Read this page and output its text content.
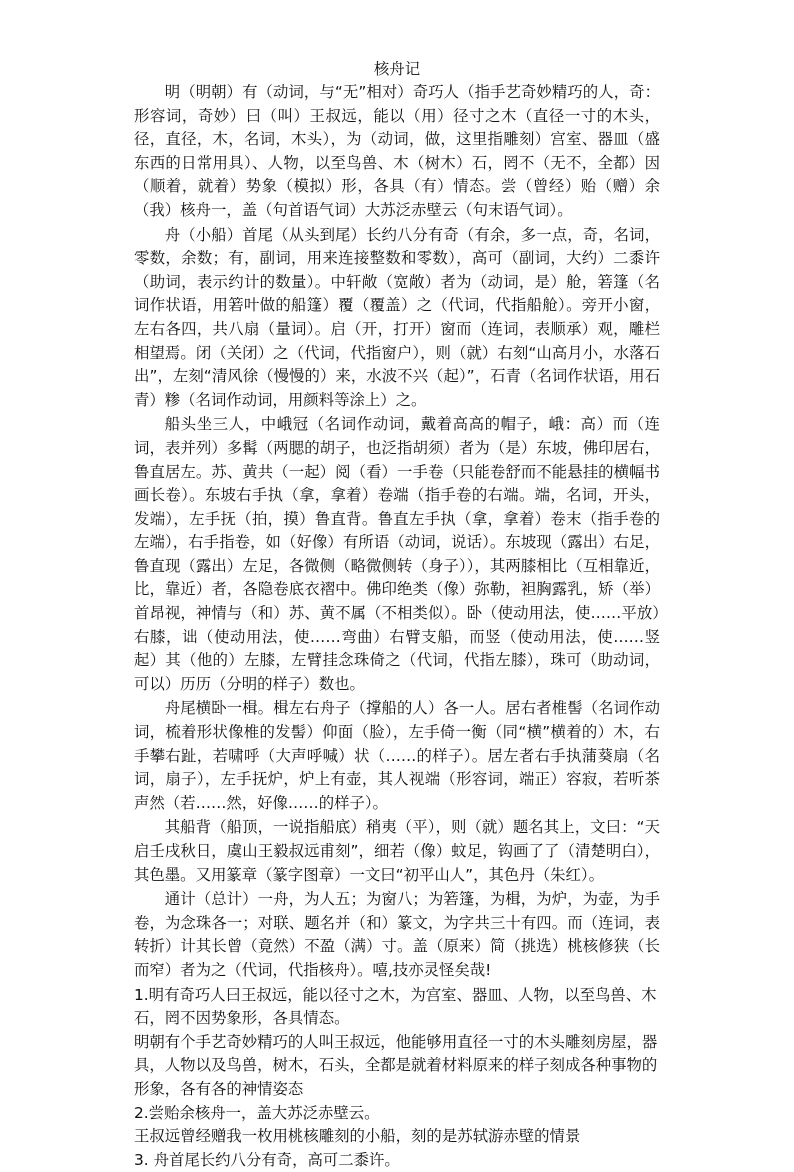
核舟记

明（明朝）有（动词，与“无”相对）奇巧人（指手艺奇妙精巧的人，奇：形容词，奇妙）曰（叫）王叔远，能以（用）径寸之木（直径一寸的木头，径，直径，木，名词，木头），为（动词，做，这里指雕刻）宫室、器皿（盛东西的日常用具）、人物，以至鸟兽、木（树木）石，罔不（无不，全都）因（顺着，就着）势象（模拟）形，各具（有）情态。尝（曾经）贻（赠）余（我）核舟一，盖（句首语气词）大苏泛赤壁云（句末语气词）。

舟（小船）首尾（从头到尾）长约八分有奇（有余，多一点，奇，名词，零数，余数；有，副词，用来连接整数和零数），高可（副词，大约）二黍许（助词，表示约计的数量）。中轩敞（宽敞）者为（动词，是）舱，箬篷（名词作状语，用箬叶做的船篷）覆（覆盖）之（代词，代指船舱）。旁开小窗，左右各四，共八扇（量词）。启（开，打开）窗而（连词，表顺承）观，雕栏相望焉。闭（关闭）之（代词，代指窗户），则（就）右刻“山高月小，水落石出”，左刻“清风徐（慢慢的）来，水波不兴（起）”，石青（名词作状语，用石青）糁（名词作动词，用颜料等涂上）之。

船头坐三人，中峨冠（名词作动词，戴着高高的帽子，峨：高）而（连词，表并列）多髯（两腮的胡子，也泛指胡须）者为（是）东坡，佛印居右，鲁直居左。苏、黄共（一起）阅（看）一手卷（只能卷舒而不能悬挂的横幅书画长卷）。东坡右手执（拿，拿着）卷端（指手卷的右端。端，名词，开头，发端），左手抚（拍，摸）鲁直背。鲁直左手执（拿，拿着）卷末（指手卷的左端），右手指卷，如（好像）有所语（动词，说话）。东坡现（露出）右足，鲁直现（露出）左足，各微侧（略微侧转（身子）），其两膝相比（互相靠近，比，靠近）者，各隐卷底衣褶中。佛印绝类（像）弥勒，袒胸露乳，矫（举）首昂视，神情与（和）苏、黄不属（不相类似）。卧（使动用法，使……平放）右膝，诎（使动用法，使……弯曲）右臂支船，而竖（使动用法，使……竖起）其（他的）左膝，左臂挂念珠倚之（代词，代指左膝），珠可（助动词，可以）历历（分明的样子）数也。

舟尾横卧一楫。楫左右舟子（撑船的人）各一人。居右者椎髻（名词作动词，梳着形状像椎的发髻）仰面（脸），左手倚一衡（同“横”横着的）木，右手攀右趾，若啸呼（大声呼喊）状（……的样子）。居左者右手执蒲葵扇（名词，扇子），左手抚炉，炉上有壶，其人视端（形容词，端正）容寂，若听茶声然（若……然，好像……的样子）。

其船背（船顶，一说指船底）稍夷（平），则（就）题名其上，文曰：“天启壬戌秋日，虞山王毅叔远甫刻”，细若（像）蚊足，钩画了了（清楚明白），其色墨。又用篆章（篆字图章）一文曰“初平山人”，其色丹（朱红）。

通计（总计）一舟，为人五；为窗八；为箬篷，为楫，为炉，为壶，为手卷，为念珠各一；对联、题名并（和）篆文，为字共三十有四。而（连词，表转折）计其长曾（竟然）不盈（满）寸。盖（原来）简（挑选）桃核修狭（长而窄）者为之（代词，代指核舟）。嘻,技亦灵怪矣哉!

1.明有奇巧人曰王叔远，能以径寸之木，为宫室、器皿、人物，以至鸟兽、木石，罔不因势象形，各具情态。

明朝有个手艺奇妙精巧的人叫王叔远，他能够用直径一寸的木头雕刻房屋，器具，人物以及鸟兽，树木，石头，全都是就着材料原来的样子刻成各种事物的形象，各有各的神情姿态

2.尝贻余核舟一，盖大苏泛赤壁云。

王叔远曾经赠我一枚用桃核雕刻的小船，刻的是苏轼游赤壁的情景

3. 舟首尾长约八分有奇，高可二黍许。
